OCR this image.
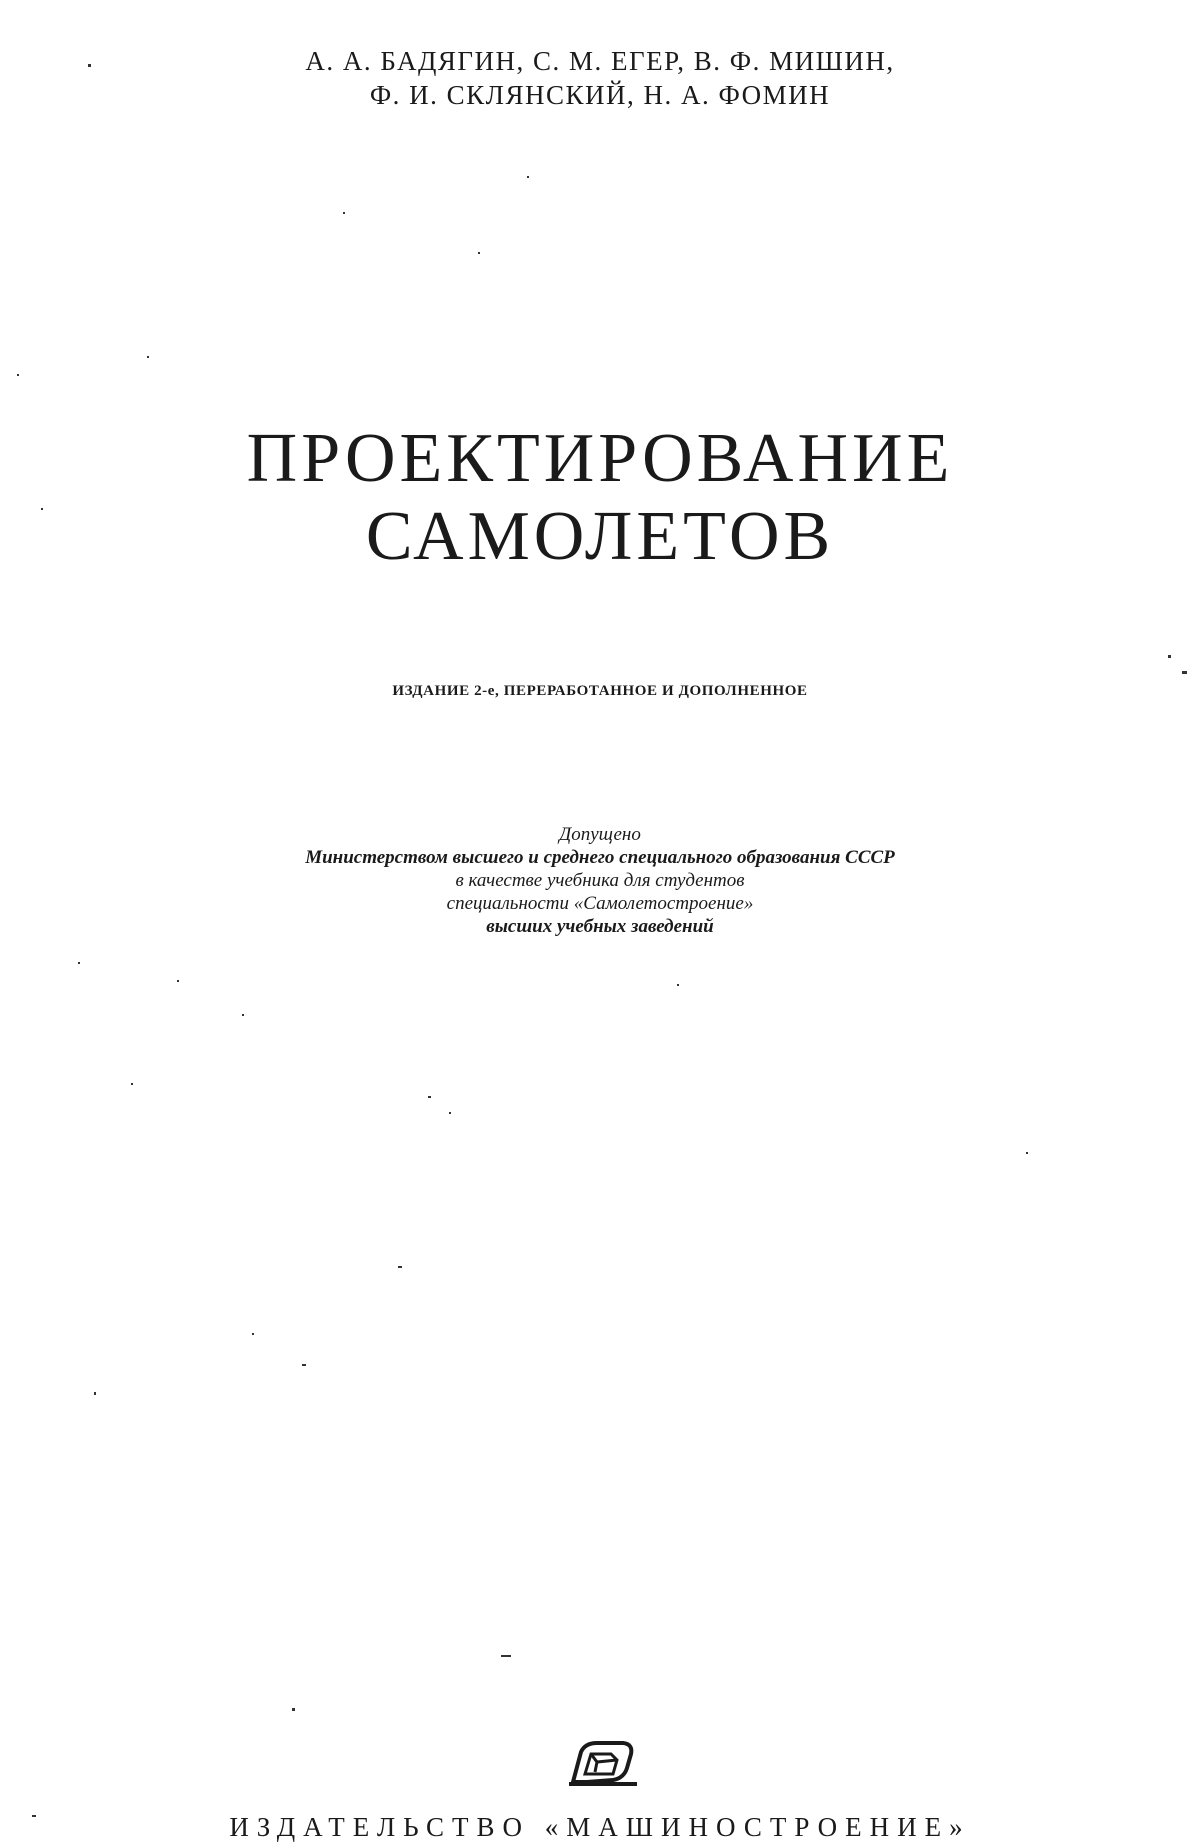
А. А. БАДЯГИН, С. М. ЕГЕР, В. Ф. МИШИН,
Ф. И. СКЛЯНСКИЙ, Н. А. ФОМИН
ПРОЕКТИРОВАНИЕ
САМОЛЕТОВ
ИЗДАНИЕ 2-е, ПЕРЕРАБОТАННОЕ И ДОПОЛНЕННОЕ
Допущено
Министерством высшего и среднего специального образования СССР
в качестве учебника для студентов
специальности «Самолетостроение»
высших учебных заведений
ИЗДАТЕЛЬСТВО «МАШИНОСТРОЕНИЕ»
